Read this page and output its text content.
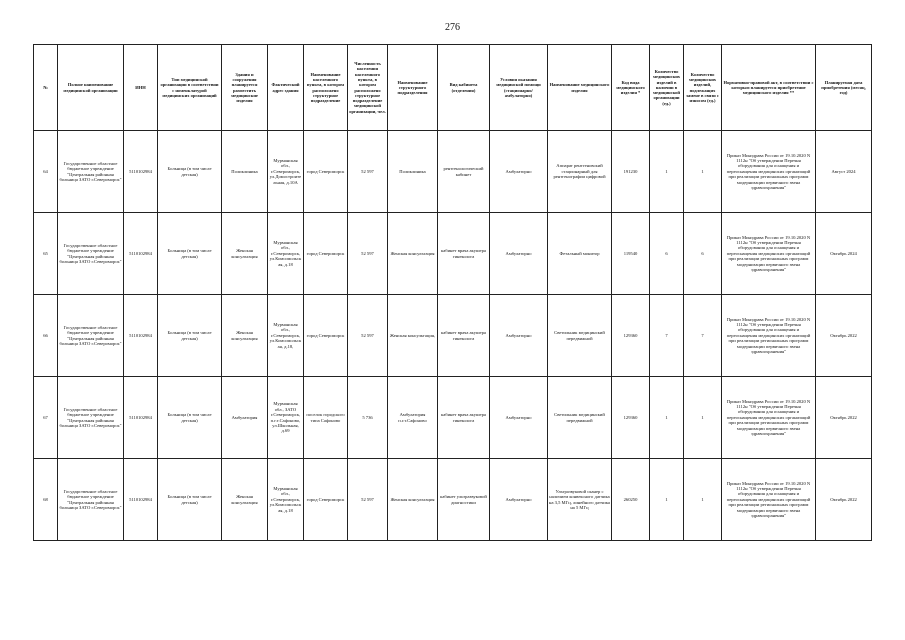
276
№	Полное наименование медицинской организации	ИНН	Тип медицинской организации в соответствии с номенклатурой медицинских организаций	Здания и сооружения планируется разместить медицинские изделия	Фактический адрес здания	Наименование населенного пункта, в котором расположено структурное подразделение	Численность населения населенного пункта, в котором расположено структурное подразделение медицинской организации, чел.	Наименование структурного подразделения	Вид кабинета (отделения)	Условия оказания медицинской помощи (стационарно/амбулаторно)	Наименование медицинского изделия	Код вида медицинского изделия *	Количество медицинских изделий в наличии в медицинской организации (ед.)	Количество медицинских изделий, подлежащих замене в связи с износом (ед.)	Нормативно-правовой акт, в соответствии с которым планируется приобретение медицинского изделия **	Планируемая дата приобретения (месяц, год)
64	Государственное областное бюджетное учреждение "Центральная районная больница ЗАТО г.Североморск"	5110102984	Больница (в том числе детская)	Поликлиника	Мурманская обл., г.Североморск, ул.Домостроительная, д.10А	город Североморск	52 597	Поликлиника	рентгенологический кабинет	Амбулаторно	Аппарат рентгеновский стационарный для рентгенографии цифровой	191230	1	1	Приказ Минздрава России от 19.10.2020 N 1112н "Об утверждении Перечня оборудования для оснащения и переоснащения медицинских организаций при реализации региональных программ модернизации первичного звена здравоохранения"	Август 2024
65	Государственное областное бюджетное учреждение "Центральная районная больница ЗАТО г.Североморск"	5110102984	Больница (в том числе детская)	Женская консультация	Мурманская обл., г.Североморск, ул.Комсомольская, д.18	город Североморск	52 597	Женская консультация	кабинет врача акушера гинеколога	Амбулаторно	Фетальный монитор	119540	6	6	Приказ Минздрава России от 19.10.2020 N 1112н "Об утверждении Перечня оборудования для оснащения и переоснащения медицинских организаций при реализации региональных программ модернизации первичного звена здравоохранения"	Октябрь 2024
66	Государственное областное бюджетное учреждение "Центральная районная больница ЗАТО г.Североморск"	5110102984	Больница (в том числе детская)	Женская консультация	Мурманская обл., г.Североморск, ул.Комсомольская, д.18,	город Североморск	52 597	Женская консультация,	кабинет врача акушера гинеколога	Амбулаторно	Светильник медицинский передвижной	129360	7	7	Приказ Минздрава России от 19.10.2020 N 1112н "Об утверждении Перечня оборудования для оснащения и переоснащения медицинских организаций при реализации региональных программ модернизации первичного звена здравоохранения"	Октябрь 2022
67	Государственное областное бюджетное учреждение "Центральная районная больница ЗАТО г.Североморск"	5110102984	Больница (в том числе детская)	Амбулатория	Мурманская обл., ЗАТО г.Североморск, п.г.т.Сафоново, ул.Школьная, д.69	поселок городского типа Сафоново	5 736	Амбулатория п.г.т.Сафоново	кабинет врача акушера гинеколога	Амбулаторно	Светильник медицинский передвижной	129360	1	1	Приказ Минздрава России от 19.10.2020 N 1112н "Об утверждении Перечня оборудования для оснащения и переоснащения медицинских организаций при реализации региональных программ модернизации первичного звена здравоохранения"	Октябрь 2022
68	Государственное областное бюджетное учреждение "Центральная районная больница ЗАТО г.Североморск"	5110102984	Больница (в том числе детская)	Женская консультация	Мурманская обл., г.Североморск, ул.Комсомольская, д.18	город Североморск	52 597	Женская консультация	кабинет ультразвуковой диагностики	Амбулаторно	Ультразвуковой сканер с наличием конвексного датчика на 3,5 МГц, линейного датчика на 5 МГц	260250	1	1	Приказ Минздрава России от 19.10.2020 N 1112н "Об утверждении Перечня оборудования для оснащения и переоснащения медицинских организаций при реализации региональных программ модернизации первичного звена здравоохранения"	Октябрь 2022
